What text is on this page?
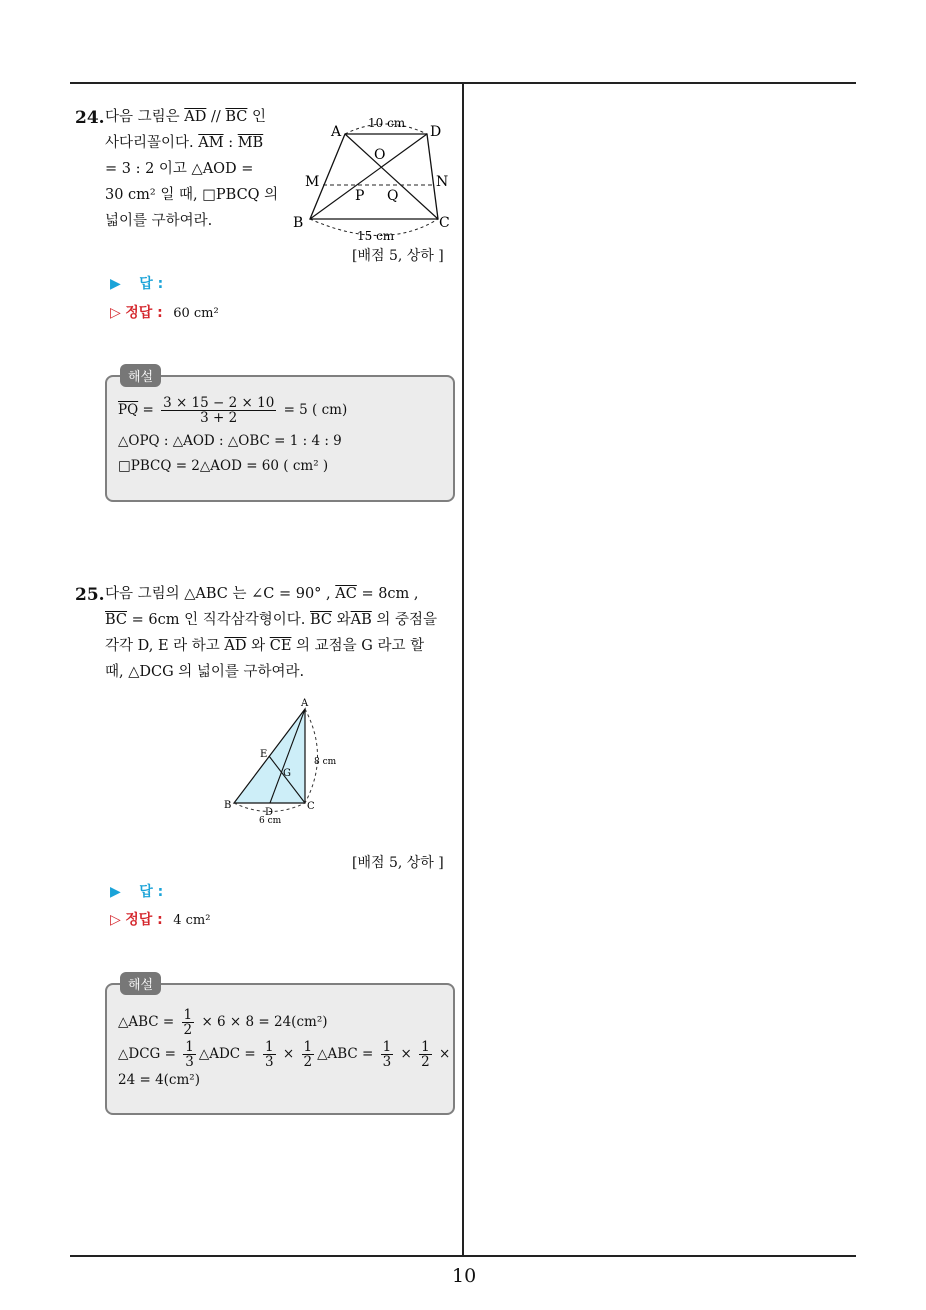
10
24. 다음 그림은 $\overline{AD} // \overline{BC}$ 인
사다리꼴이다. $\overline{AM}$ : $\overline{MB}$
= 3 : 2 이고 △AOD =
30 cm² 일 때, □PBCQ 의
넓이를 구하여라.
A	D
10 cm
O
M	N
P Q
B	C
15 cm
[배점 5, 상하 ]
▶ 답 :
▷ 정답 : 60 cm²
해설
$\overline{PQ} = \frac{3 \times 15 - 2 \times 10}{3 + 2} = 5$ ( cm)
△OPQ : △AOD : △OBC = 1 : 4 : 9
□PBCQ = 2△AOD = 60 ( cm² )
25. 다음 그림의 △ABC 는 ∠C = 90° , $\overline{AC} = 8cm$ ,
$\overline{BC} = 6cm$ 인 직각삼각형이다. $\overline{BC}$ 와$\overline{AB}$ 의 중점을
각각 D, E 라 하고 $\overline{AD}$ 와 $\overline{CE}$ 의 교점을 G 라고 할
때, △DCG 의 넓이를 구하여라.
A
E
G
8 cm
B
D
C
6 cm
[배점 5, 상하 ]
▶ 답 :
▷ 정답 : 4 cm²
해설
△ABC = $\frac{1}{2} \times 6 \times 8 = 24(cm^2)$
△DCG = $\frac{1}{3}$ △ADC = $\frac{1}{3} \times \frac{1}{2}$ △ABC = $\frac{1}{3} \times \frac{1}{2}$ ×
24 = 4(cm²)
